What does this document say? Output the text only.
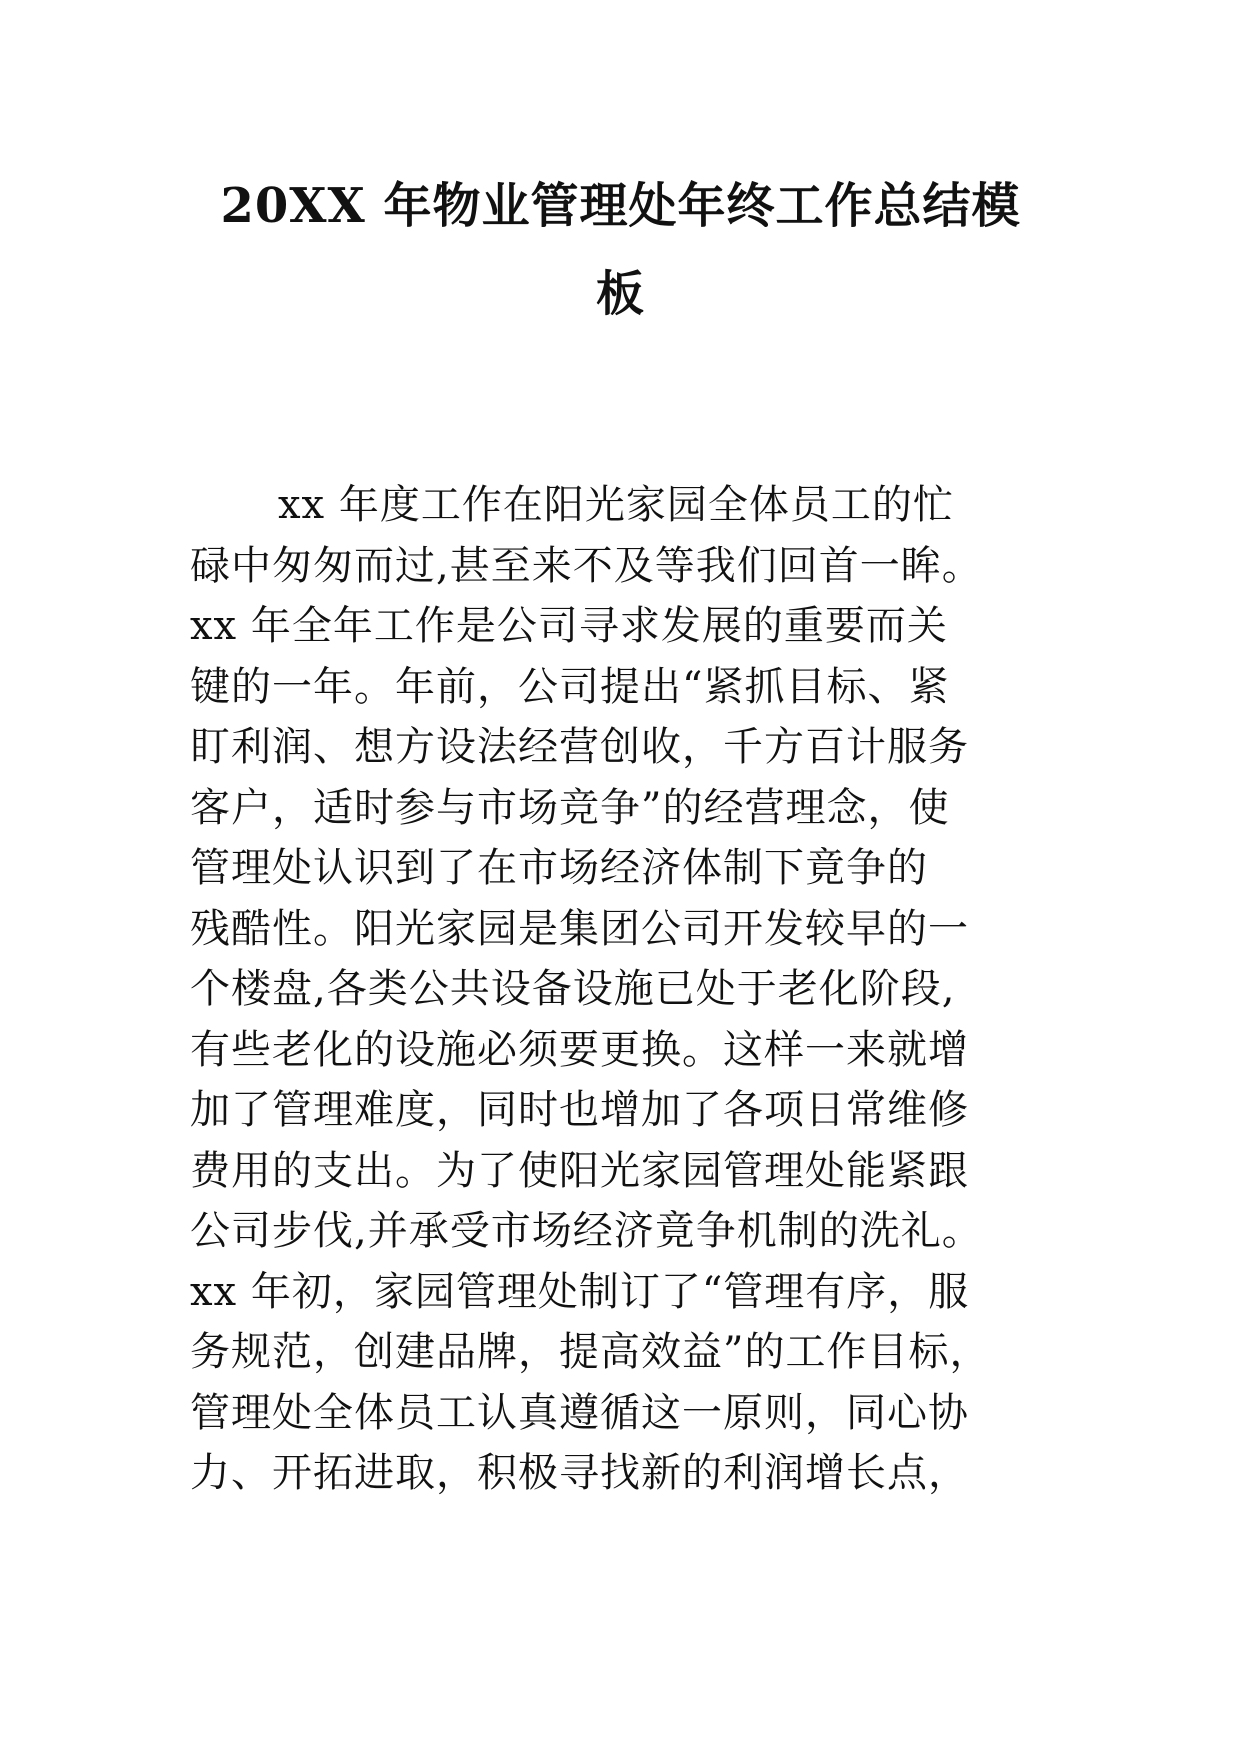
20XX 年物业管理处年终工作总结模
板
xx 年度工作在阳光家园全体员工的忙
碌中匆匆而过,甚至来不及等我们回首一眸。
xx 年全年工作是公司寻求发展的重要而关
键的一年。年前，公司提出“紧抓目标、紧
盯利润、想方设法经营创收，千方百计服务
客户，适时参与市场竞争”的经营理念，使
管理处认识到了在市场经济体制下竟争的
残酷性。阳光家园是集团公司开发较早的一
个楼盘,各类公共设备设施已处于老化阶段,
有些老化的设施必须要更换。这样一来就增
加了管理难度，同时也增加了各项日常维修
费用的支出。为了使阳光家园管理处能紧跟
公司步伐,并承受市场经济竟争机制的洗礼。
xx 年初，家园管理处制订了“管理有序，服
务规范，创建品牌，提高效益”的工作目标，
管理处全体员工认真遵循这一原则，同心协
力、开拓进取，积极寻找新的利润增长点，
